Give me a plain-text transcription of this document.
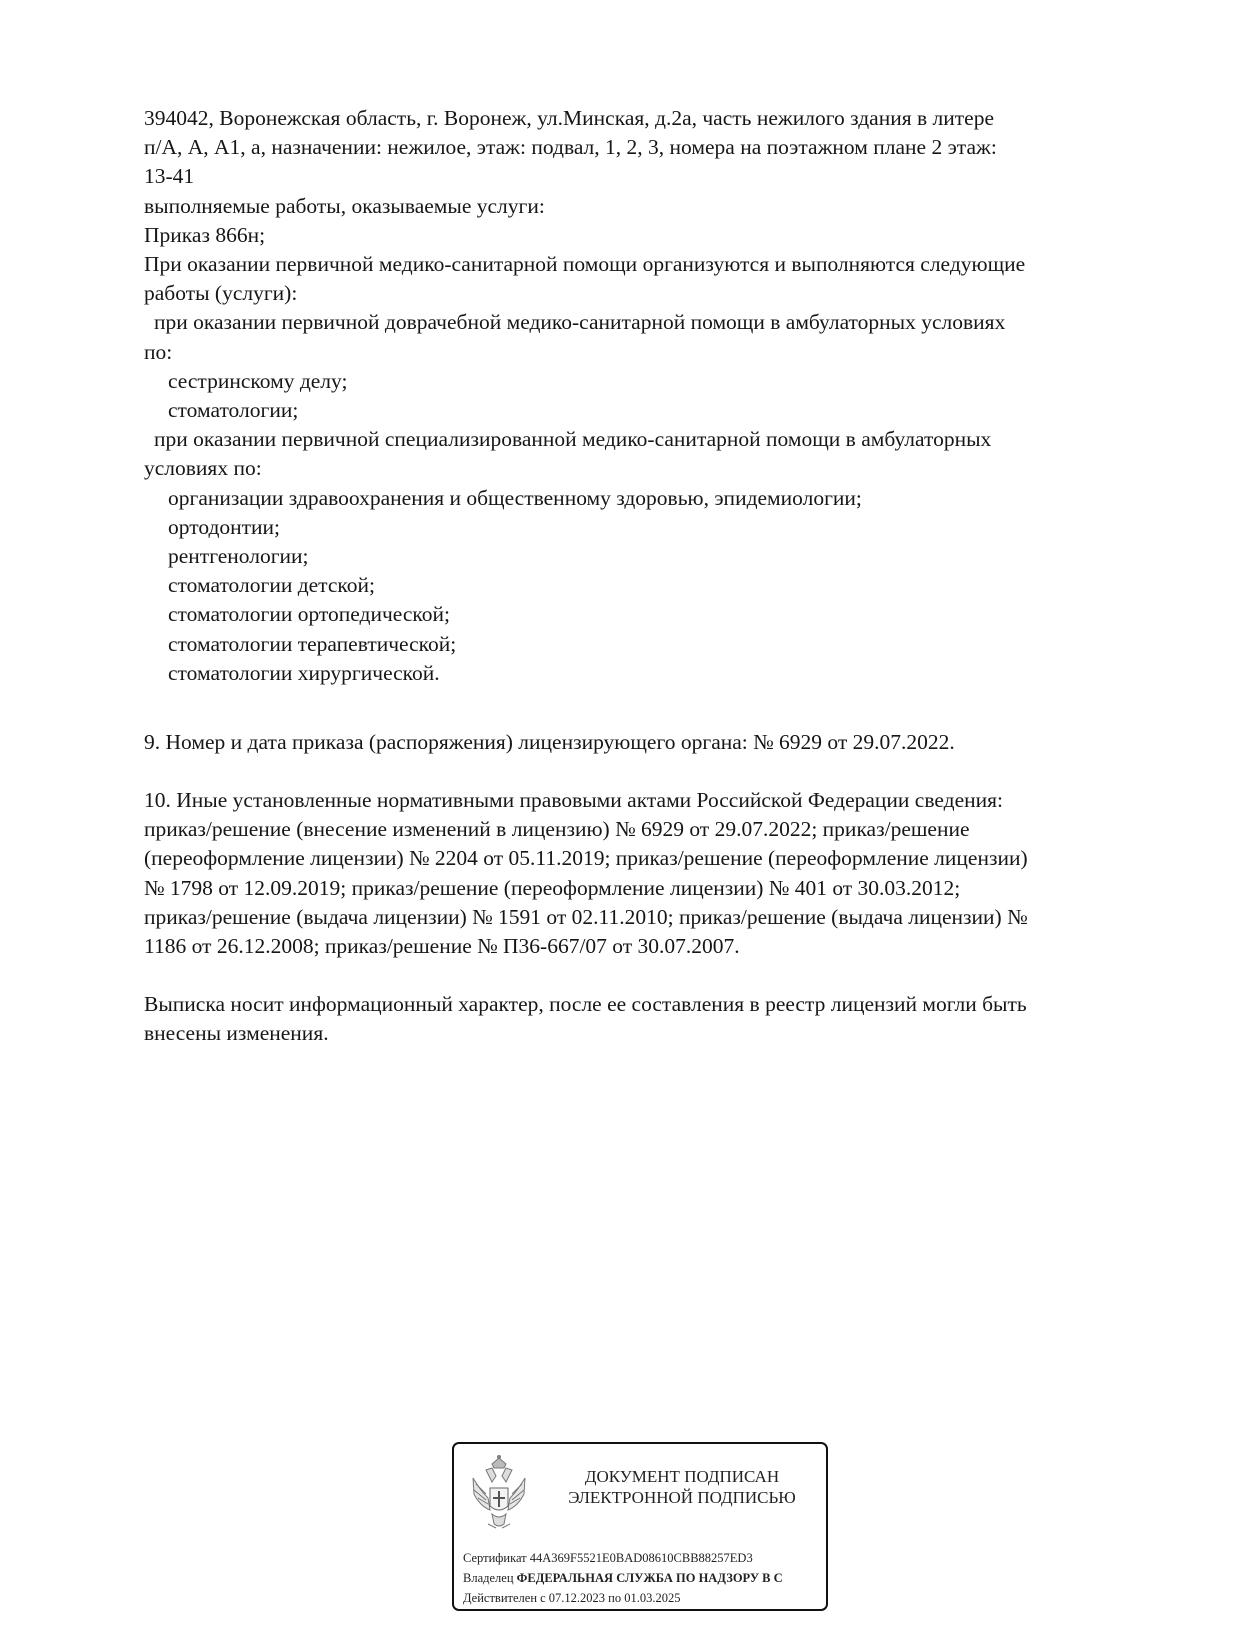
394042, Воронежская область, г. Воронеж, ул.Минская, д.2а, часть нежилого здания в литере
п/А, А, А1, а, назначении: нежилое, этаж: подвал, 1, 2, 3, номера на поэтажном плане 2 этаж:
13-41
выполняемые работы, оказываемые услуги:
Приказ 866н;
При оказании первичной медико-санитарной помощи организуются и выполняются следующие
работы (услуги):
при оказании первичной доврачебной медико-санитарной помощи в амбулаторных условиях
по:
сестринскому делу;
стоматологии;
при оказании первичной специализированной медико-санитарной помощи в амбулаторных
условиях по:
организации здравоохранения и общественному здоровью, эпидемиологии;
ортодонтии;
рентгенологии;
стоматологии детской;
стоматологии ортопедической;
стоматологии терапевтической;
стоматологии хирургической.
9. Номер и дата приказа (распоряжения) лицензирующего органа: № 6929 от 29.07.2022.
10. Иные установленные нормативными правовыми актами Российской Федерации сведения:
приказ/решение (внесение изменений в лицензию) № 6929 от 29.07.2022; приказ/решение
(переоформление лицензии) № 2204 от 05.11.2019; приказ/решение (переоформление лицензии)
№ 1798 от 12.09.2019; приказ/решение (переоформление лицензии) № 401 от 30.03.2012;
приказ/решение (выдача лицензии) № 1591 от 02.11.2010; приказ/решение (выдача лицензии) №
1186 от 26.12.2008; приказ/решение № П36-667/07 от 30.07.2007.
Выписка носит информационный характер, после ее составления в реестр лицензий могли быть
внесены изменения.
ДОКУМЕНТ ПОДПИСАН
ЭЛЕКТРОННОЙ ПОДПИСЬЮ
Сертификат 44A369F5521E0BAD08610CBB88257ED3
Владелец ФЕДЕРАЛЬНАЯ СЛУЖБА ПО НАДЗОРУ В С
Действителен с 07.12.2023 по 01.03.2025
